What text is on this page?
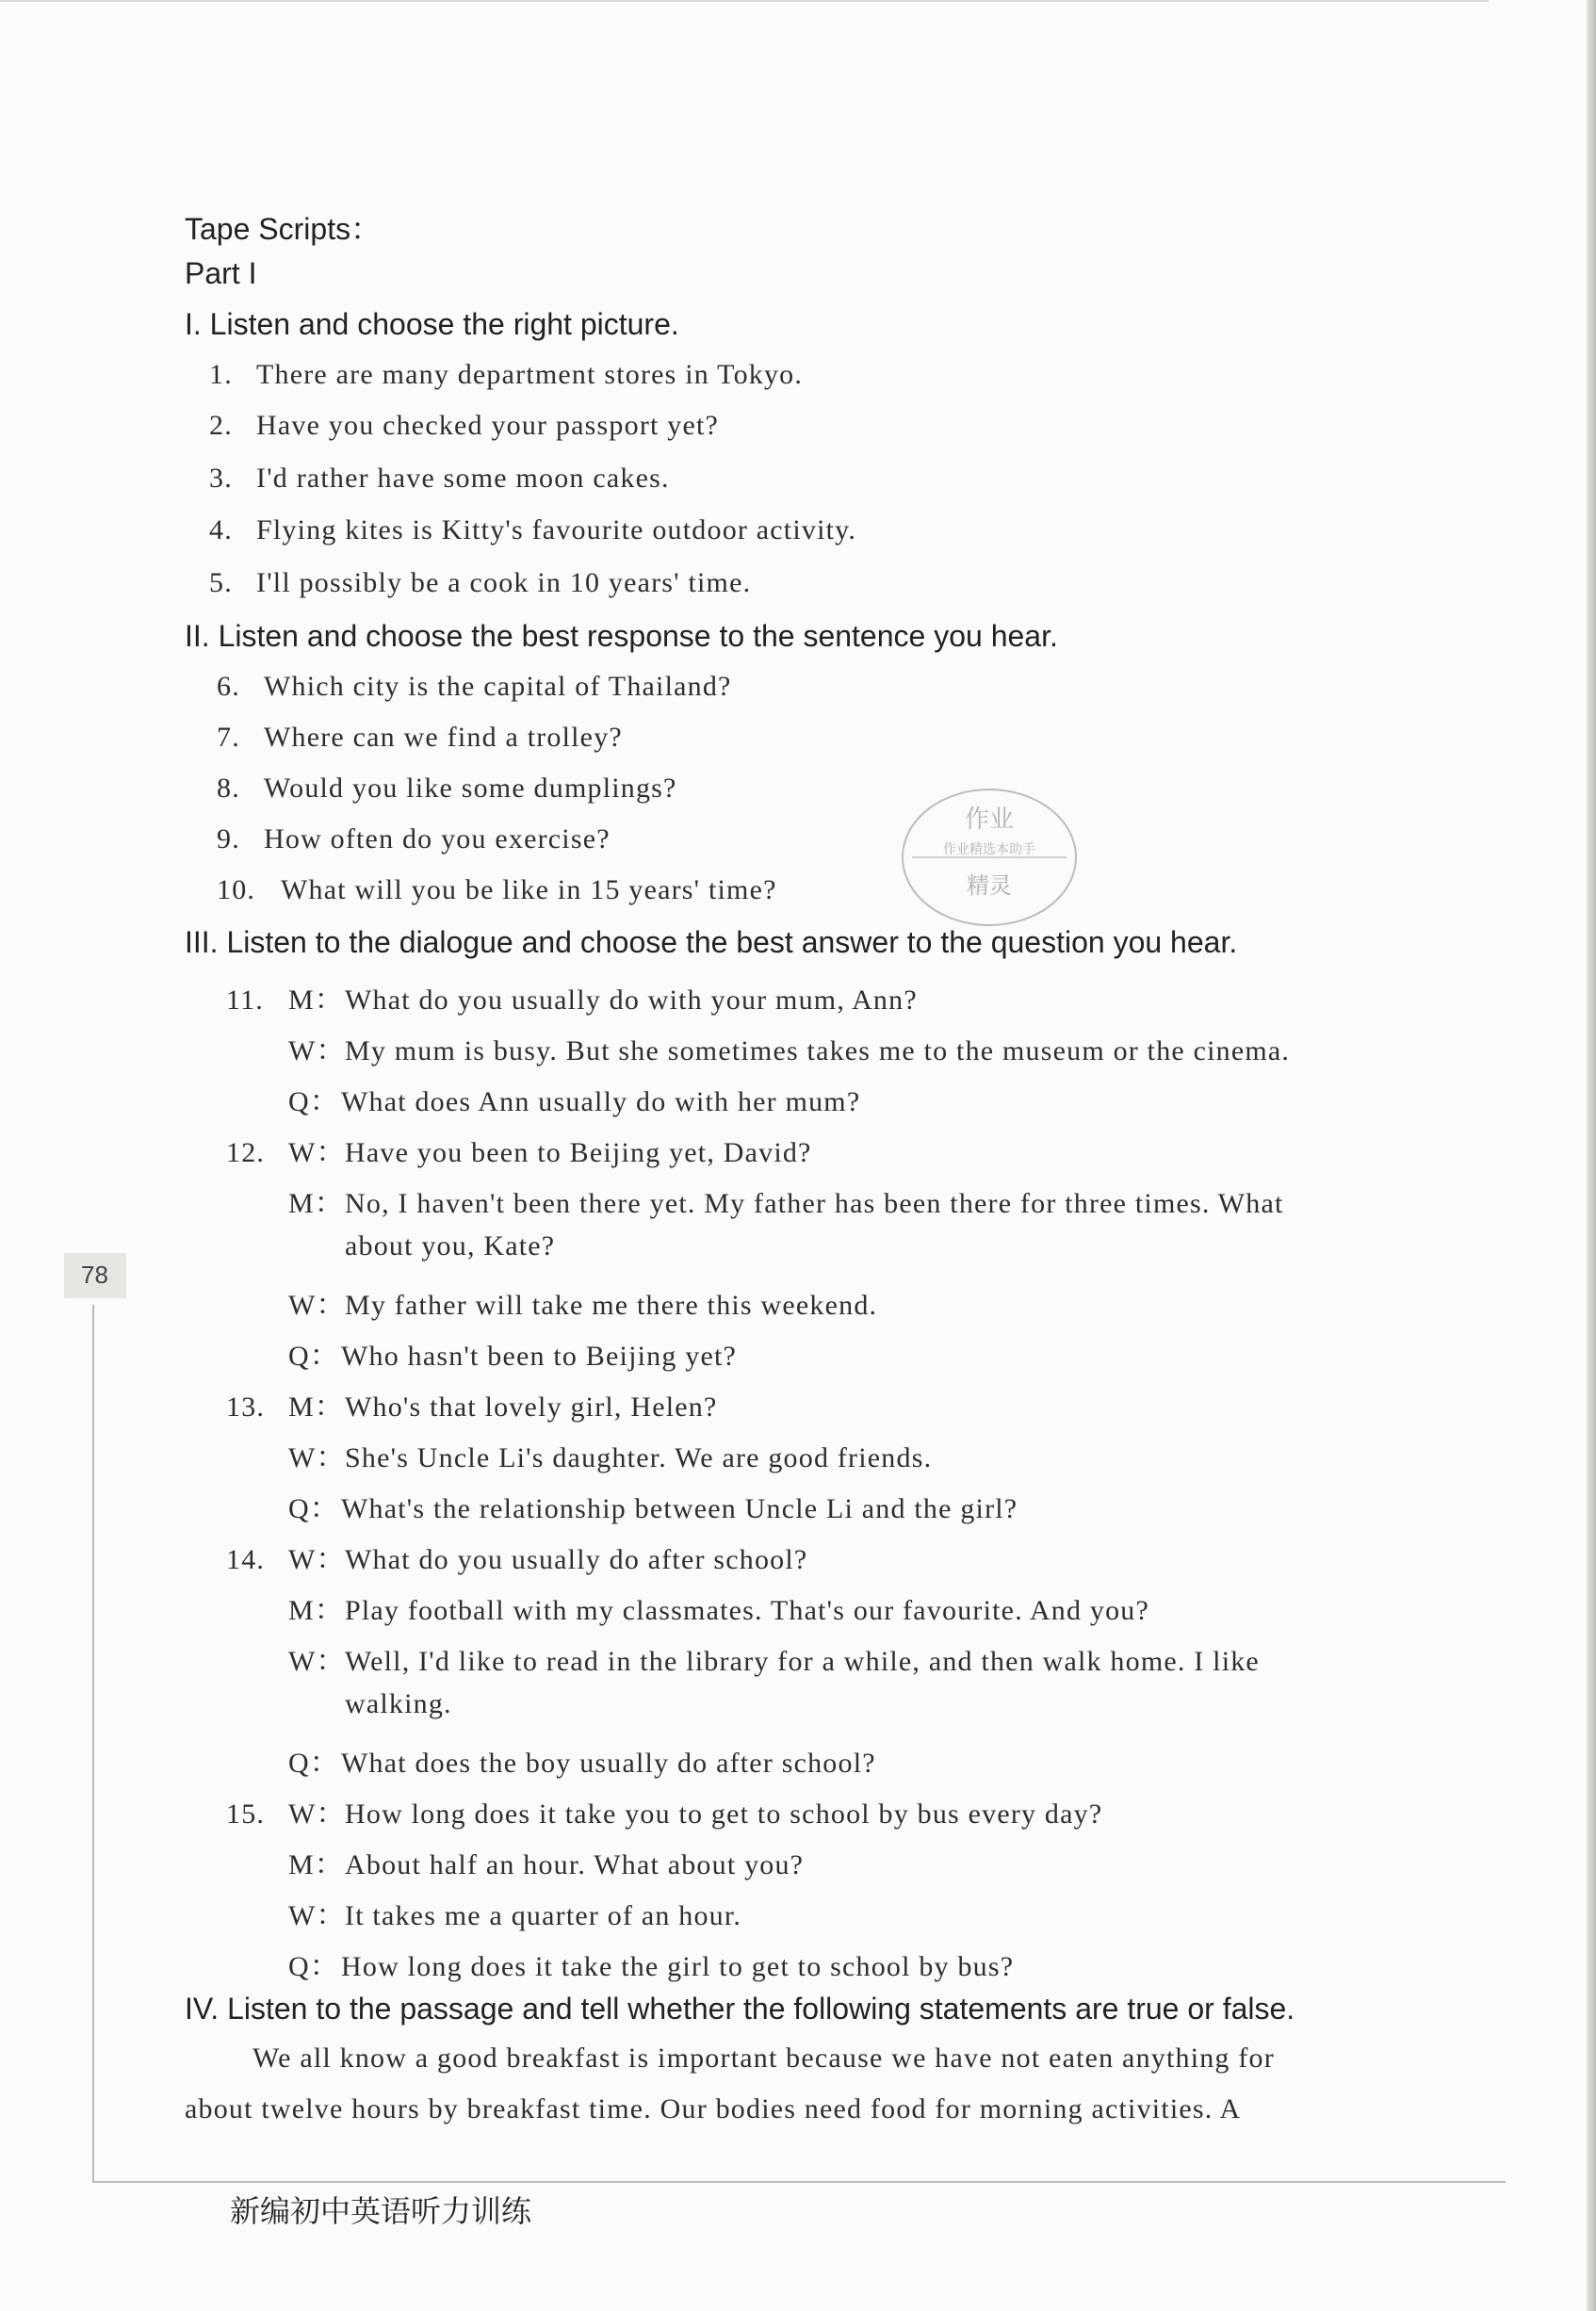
Tape Scripts：
Part I
I. Listen and choose the right picture.
1. There are many department stores in Tokyo.
2. Have you checked your passport yet?
3. I'd rather have some moon cakes.
4. Flying kites is Kitty's favourite outdoor activity.
5. I'll possibly be a cook in 10 years' time.
II. Listen and choose the best response to the sentence you hear.
6. Which city is the capital of Thailand?
7. Where can we find a trolley?
8. Would you like some dumplings?
9. How often do you exercise?
10. What will you be like in 15 years' time?
III. Listen to the dialogue and choose the best answer to the question you hear.
11. M：What do you usually do with your mum, Ann?
W：My mum is busy. But she sometimes takes me to the museum or the cinema.
Q：What does Ann usually do with her mum?
12. W：Have you been to Beijing yet, David?
M：No, I haven't been there yet. My father has been there for three times. What
about you, Kate?
W：My father will take me there this weekend.
Q：Who hasn't been to Beijing yet?
13. M：Who's that lovely girl, Helen?
W：She's Uncle Li's daughter. We are good friends.
Q：What's the relationship between Uncle Li and the girl?
14. W：What do you usually do after school?
M：Play football with my classmates. That's our favourite. And you?
W：Well, I'd like to read in the library for a while, and then walk home. I like
walking.
Q：What does the boy usually do after school?
15. W：How long does it take you to get to school by bus every day?
M：About half an hour. What about you?
W：It takes me a quarter of an hour.
Q：How long does it take the girl to get to school by bus?
IV. Listen to the passage and tell whether the following statements are true or false.
We all know a good breakfast is important because we have not eaten anything for
about twelve hours by breakfast time. Our bodies need food for morning activities. A
作业
作业精选本助手
精灵
78
新编初中英语听力训练
